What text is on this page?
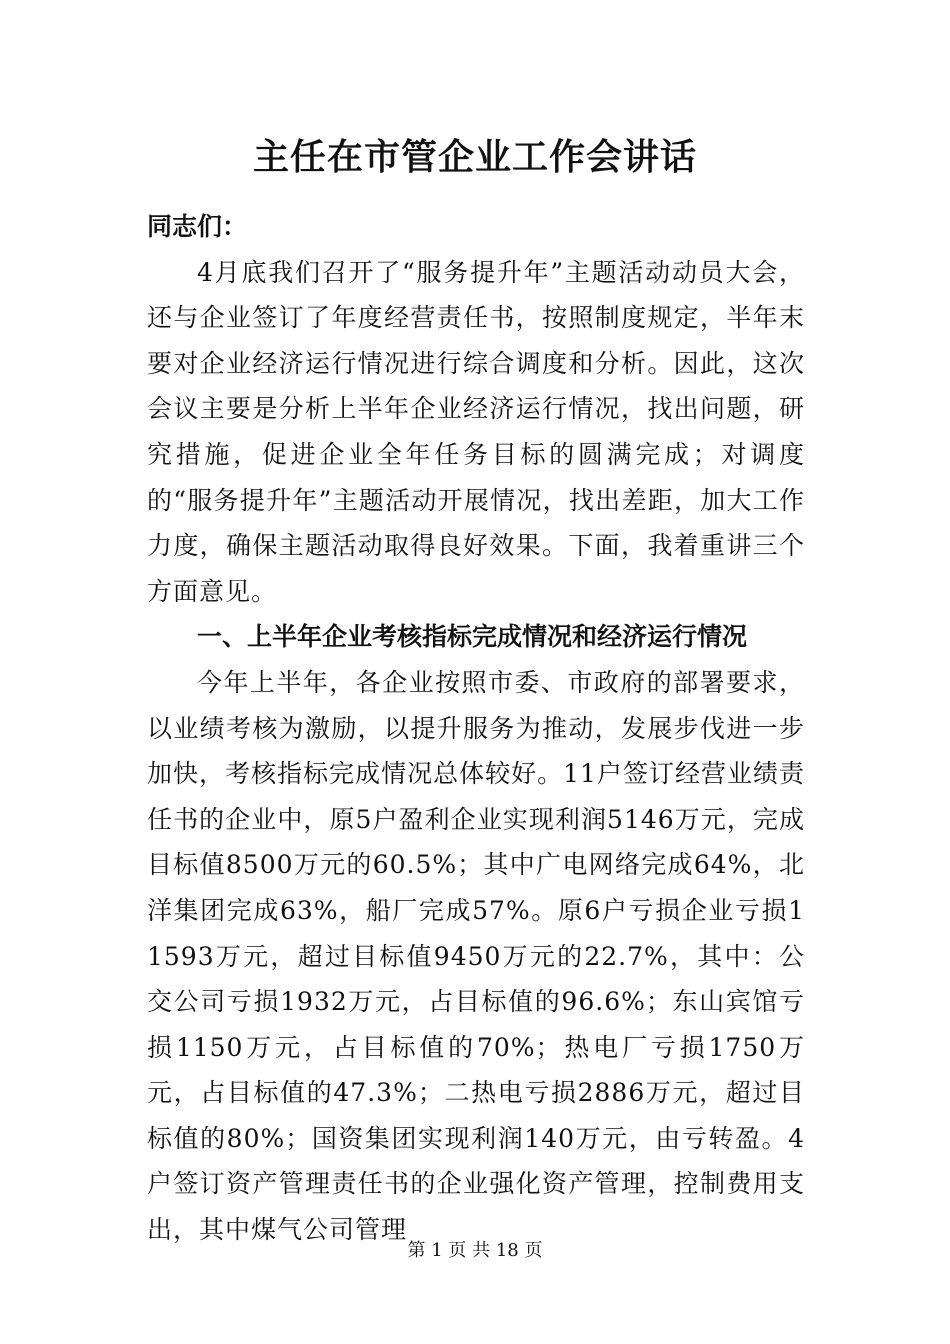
主任在市管企业工作会讲话

同志们：

4月底我们召开了“服务提升年”主题活动动员大会，还与企业签订了年度经营责任书，按照制度规定，半年末要对企业经济运行情况进行综合调度和分析。因此，这次会议主要是分析上半年企业经济运行情况，找出问题，研究措施，促进企业全年任务目标的圆满完成；对调度的“服务提升年”主题活动开展情况，找出差距，加大工作力度，确保主题活动取得良好效果。下面，我着重讲三个方面意见。

一、上半年企业考核指标完成情况和经济运行情况

今年上半年，各企业按照市委、市政府的部署要求，以业绩考核为激励，以提升服务为推动，发展步伐进一步加快，考核指标完成情况总体较好。11户签订经营业绩责任书的企业中，原5户盈利企业实现利润5146万元，完成目标值8500万元的60.5%；其中广电网络完成64%，北洋集团完成63%，船厂完成57%。原6户亏损企业亏损11593万元，超过目标值9450万元的22.7%，其中：公交公司亏损1932万元，占目标值的96.6%；东山宾馆亏损1150万元，占目标值的70%；热电厂亏损1750万元，占目标值的47.3%；二热电亏损2886万元，超过目标值的80%；国资集团实现利润140万元，由亏转盈。4户签订资产管理责任书的企业强化资产管理，控制费用支出，其中煤气公司管理

第 1 页 共 18 页
